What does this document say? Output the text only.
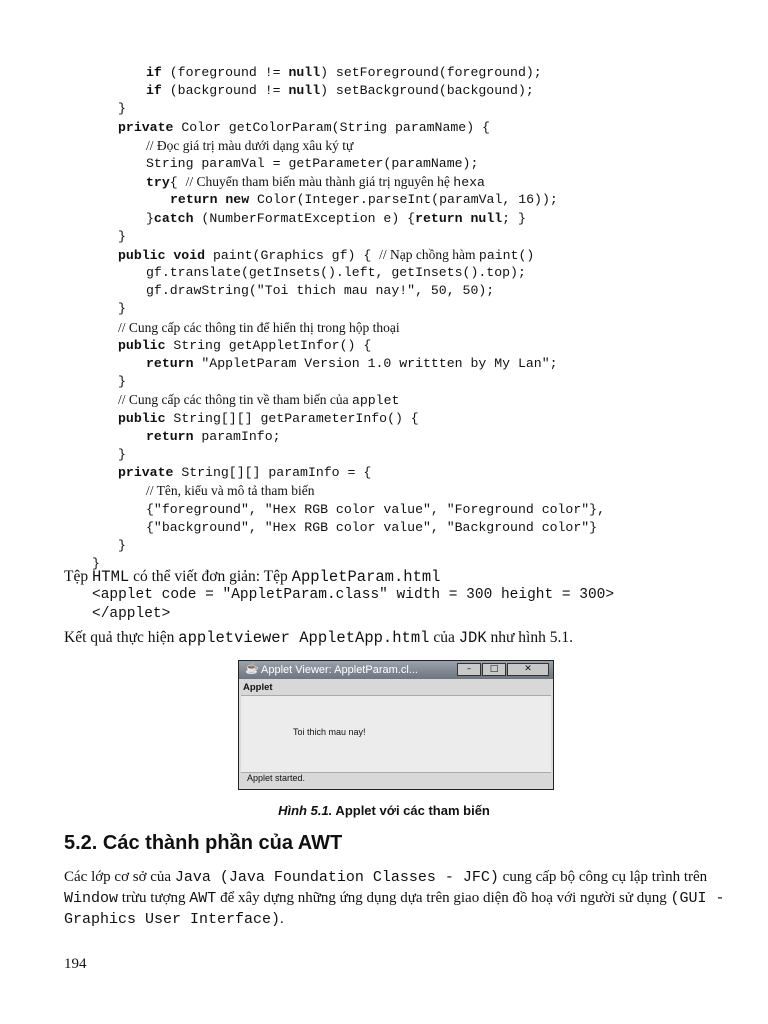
if (foreground != null) setForeground(foreground);
if (background != null) setBackground(backgound);
}
private Color getColorParam(String paramName) {
// Đọc giá trị màu dưới dạng xâu ký tự
String paramVal = getParameter(paramName);
try{ // Chuyển tham biến màu thành giá trị nguyên hệ hexa
return new Color(Integer.parseInt(paramVal, 16));
}catch (NumberFormatException e) {return null; }
}
public void paint(Graphics gf) { // Nạp chồng hàm paint()
gf.translate(getInsets().left, getInsets().top);
gf.drawString("Toi thich mau nay!", 50, 50);
}
// Cung cấp các thông tin để hiển thị trong hộp thoại
public String getAppletInfor() {
return "AppletParam Version 1.0 writtten by My Lan";
}
// Cung cấp các thông tin về tham biến của applet
public String[][] getParameterInfo() {
return paramInfo;
}
private String[][] paramInfo = {
// Tên, kiểu và mô tả tham biến
{"foreground", "Hex RGB color value", "Foreground color"},
{"background", "Hex RGB color value", "Background color"}
}
}
Tệp HTML có thể viết đơn giản: Tệp AppletParam.html
<applet code = "AppletParam.class" width = 300 height = 300>
</applet>
Kết quả thực hiện appletviewer AppletApp.html của JDK như hình 5.1.
☕ Applet Viewer: AppletParam.cl...	–	□	✕
Applet
Toi thich mau nay!
Applet started.
Hình 5.1. Applet với các tham biến
5.2. Các thành phần của AWT
Các lớp cơ sở của Java (Java Foundation Classes - JFC) cung cấp bộ công cụ lập trình trên Window trừu tượng AWT để xây dựng những ứng dụng dựa trên giao diện đồ hoạ với người sử dụng (GUI - Graphics User Interface).
194
